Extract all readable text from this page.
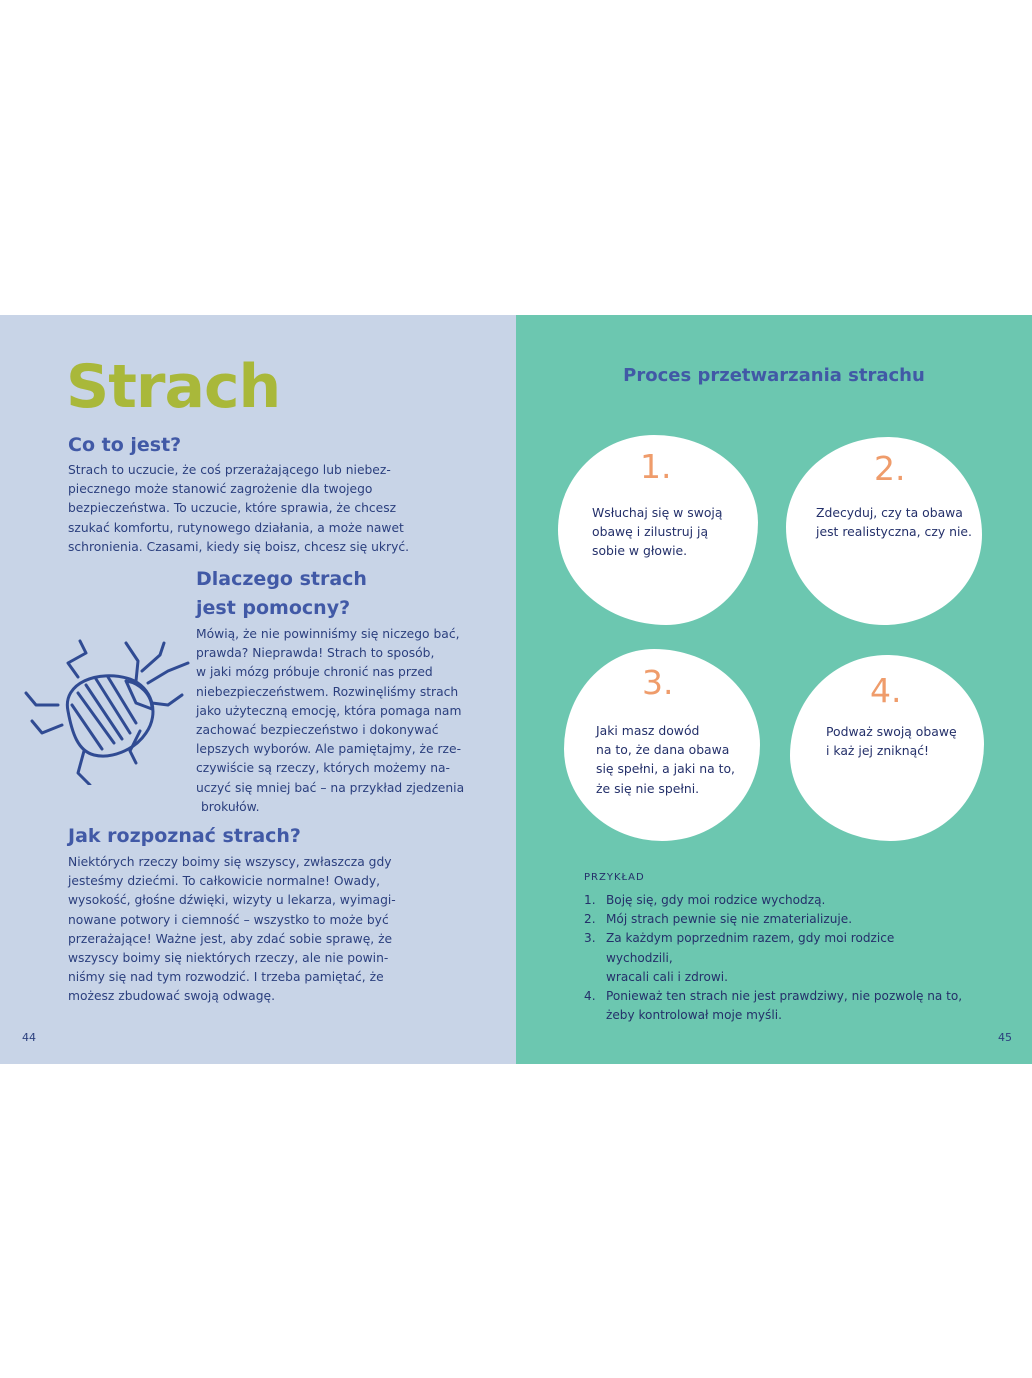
Strach
Co to jest?
Strach to uczucie, że coś przerażającego lub niebez-
piecznego może stanowić zagrożenie dla twojego
bezpieczeństwa. To uczucie, które sprawia, że chcesz
szukać komfortu, rutynowego działania, a może nawet
schronienia. Czasami, kiedy się boisz, chcesz się ukryć.
Dlaczego strach
jest pomocny?
Mówią, że nie powinniśmy się niczego bać,
prawda? Nieprawda! Strach to sposób,
w jaki mózg próbuje chronić nas przed
niebezpieczeństwem. Rozwinęliśmy strach
jako użyteczną emocję, która pomaga nam
zachować bezpieczeństwo i dokonywać
lepszych wyborów. Ale pamiętajmy, że rze-
czywiście są rzeczy, których możemy na-
uczyć się mniej bać – na przykład zjedzenia
brokułów.
Jak rozpoznać strach?
Niektórych rzeczy boimy się wszyscy, zwłaszcza gdy
jesteśmy dziećmi. To całkowicie normalne! Owady,
wysokość, głośne dźwięki, wizyty u lekarza, wyimagi-
nowane potwory i ciemność – wszystko to może być
przerażające! Ważne jest, aby zdać sobie sprawę, że
wszyscy boimy się niektórych rzeczy, ale nie powin-
niśmy się nad tym rozwodzić. I trzeba pamiętać, że
możesz zbudować swoją odwagę.
44
Proces przetwarzania strachu
1.
Wsłuchaj się w swoją
obawę i zilustruj ją
sobie w głowie.
2.
Zdecyduj, czy ta obawa
jest realistyczna, czy nie.
3.
Jaki masz dowód
na to, że dana obawa
się spełni, a jaki na to,
że się nie spełni.
4.
Podważ swoją obawę
i każ jej zniknąć!
PRZYKŁAD
1. Boję się, gdy moi rodzice wychodzą.
2. Mój strach pewnie się nie zmaterializuje.
3. Za każdym poprzednim razem, gdy moi rodzice wychodzili,
wracali cali i zdrowi.
4. Ponieważ ten strach nie jest prawdziwy, nie pozwolę na to,
żeby kontrolował moje myśli.
45
